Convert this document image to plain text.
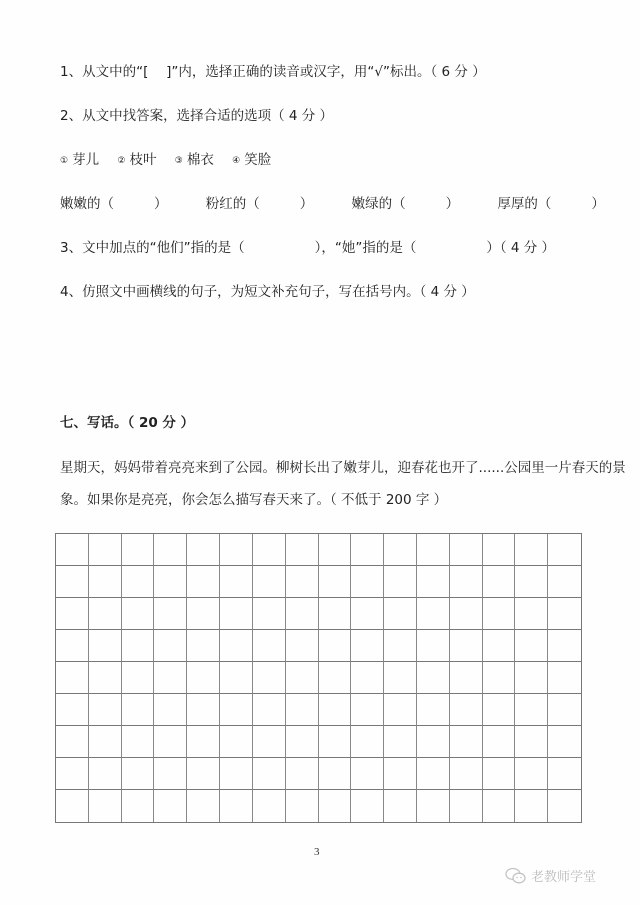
1、从文中的“[　 ]”内，选择正确的读音或汉字，用“√”标出。（ 6 分 ）
2、从文中找答案，选择合适的选项（ 4 分 ）
① 芽儿 ② 枝叶 ③ 棉衣 ④ 笑脸
嫩嫩的（	）	粉红的（	）	嫩绿的（	）	厚厚的（	）
3、文中加点的“他们”指的是（	），“她”指的是（	）（ 4 分 ）
4、仿照文中画横线的句子，为短文补充句子，写在括号内。（ 4 分 ）
七、写话。（ 20 分 ）
星期天，妈妈带着亮亮来到了公园。柳树长出了嫩芽儿，迎春花也开了......公园里一片春天的景
象。如果你是亮亮，你会怎么描写春天来了。（ 不低于 200 字 ）
3
老教师学堂
